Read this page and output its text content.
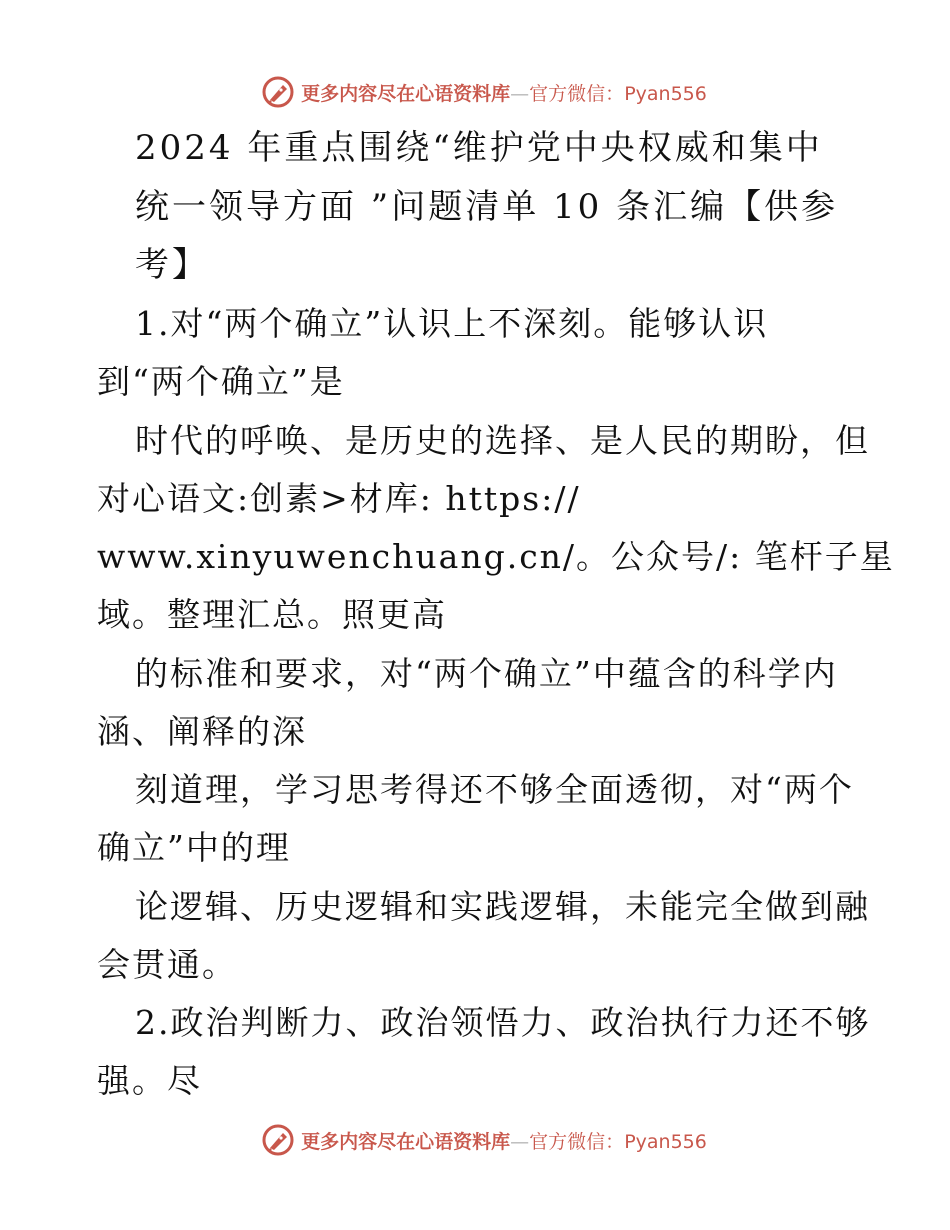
更多内容尽在心语资料库—官方微信：Pyan556
2024 年重点围绕“维护党中央权威和集中
统一领导方面 ”问题清单 10 条汇编【供参
考】
1.对“两个确立”认识上不深刻。能够认识
到“两个确立”是
时代的呼唤、是历史的选择、是人民的期盼，但
对心语文:创素>材库: https://
www.xinyuwenchuang.cn/。公众号/: 笔杆子星
域。整理汇总。照更高
的标准和要求，对“两个确立”中蕴含的科学内
涵、阐释的深
刻道理，学习思考得还不够全面透彻，对“两个
确立”中的理
论逻辑、历史逻辑和实践逻辑，未能完全做到融
会贯通。
2.政治判断力、政治领悟力、政治执行力还不够
强。尽
更多内容尽在心语资料库—官方微信：Pyan556
